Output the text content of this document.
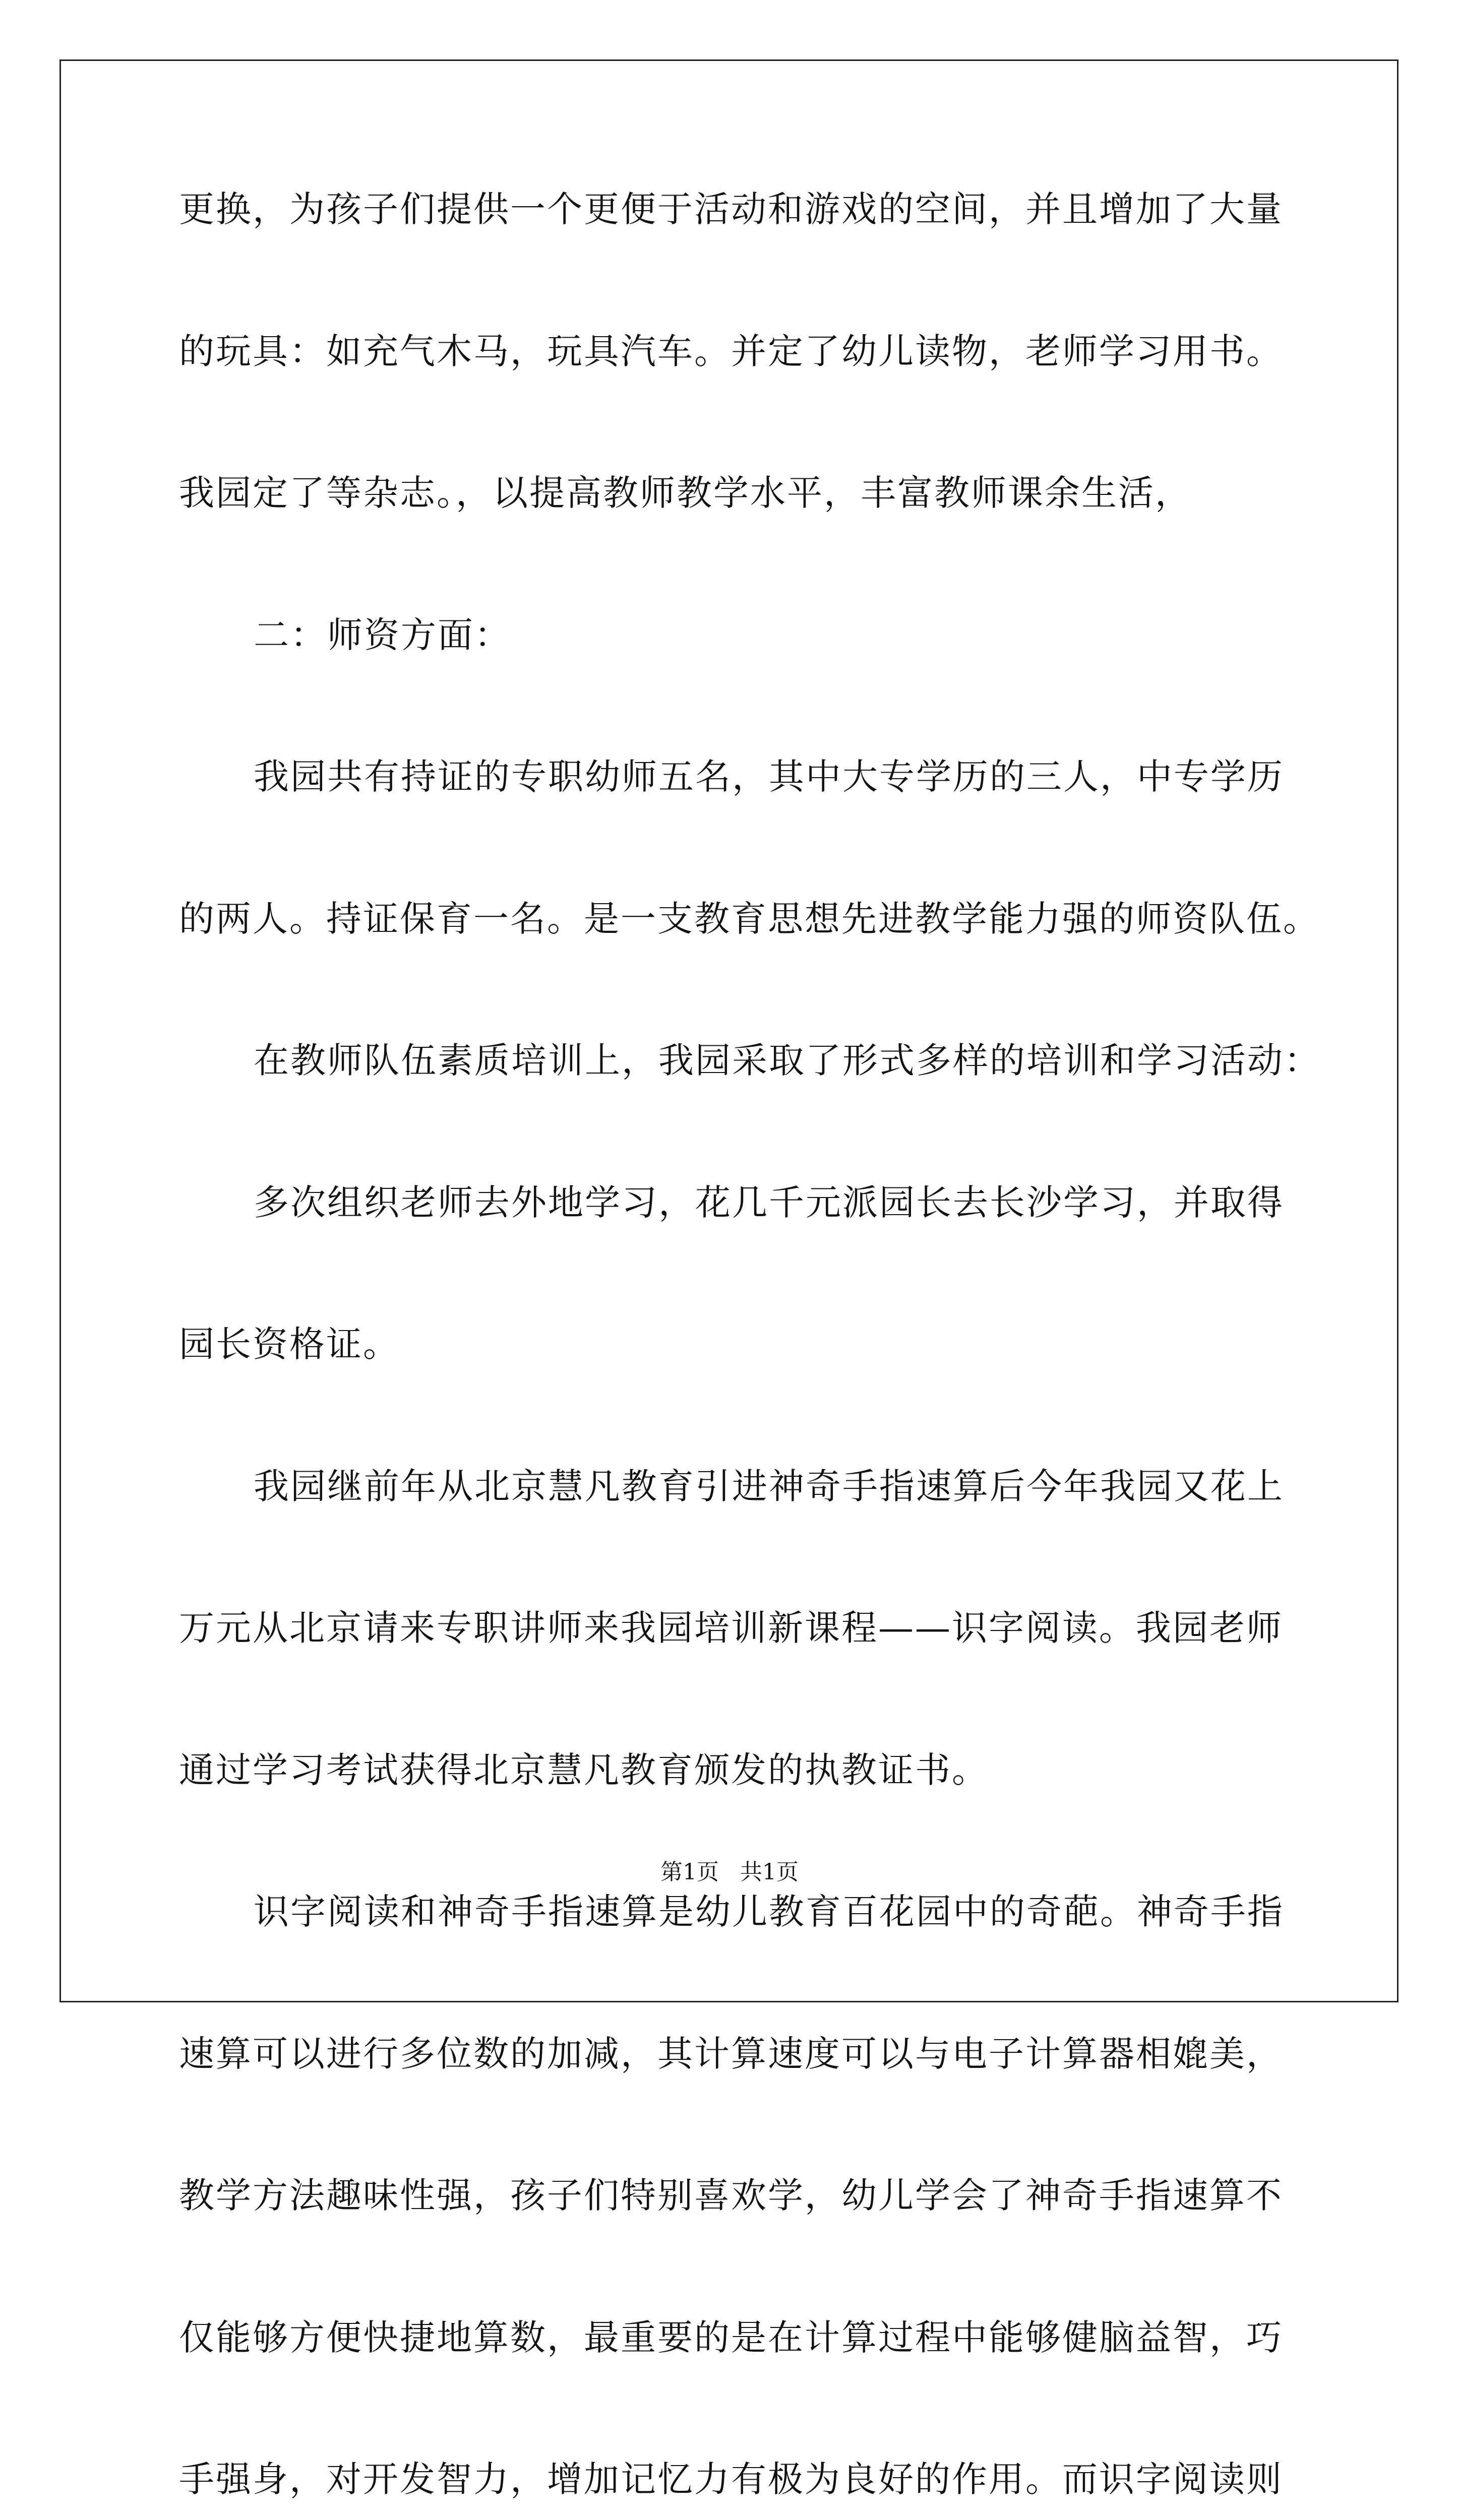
更换，为孩子们提供一个更便于活动和游戏的空间，并且增加了大量
的玩具：如充气木马，玩具汽车。并定了幼儿读物，老师学习用书。
我园定了等杂志。，以提高教师教学水平，丰富教师课余生活，
二：师资方面：
我园共有持证的专职幼师五名，其中大专学历的三人，中专学历
的两人。持证保育一名。是一支教育思想先进教学能力强的师资队伍。
在教师队伍素质培训上，我园采取了形式多样的培训和学习活动：
多次组织老师去外地学习，花几千元派园长去长沙学习，并取得
园长资格证。
我园继前年从北京慧凡教育引进神奇手指速算后今年我园又花上
万元从北京请来专职讲师来我园培训新课程——识字阅读。我园老师
通过学习考试获得北京慧凡教育颁发的执教证书。
识字阅读和神奇手指速算是幼儿教育百花园中的奇葩。神奇手指
速算可以进行多位数的加减，其计算速度可以与电子计算器相媲美，
教学方法趣味性强，孩子们特别喜欢学，幼儿学会了神奇手指速算不
仅能够方便快捷地算数，最重要的是在计算过程中能够健脑益智，巧
手强身，对开发智力，增加记忆力有极为良好的作用。而识字阅读则
第1页   共1页
